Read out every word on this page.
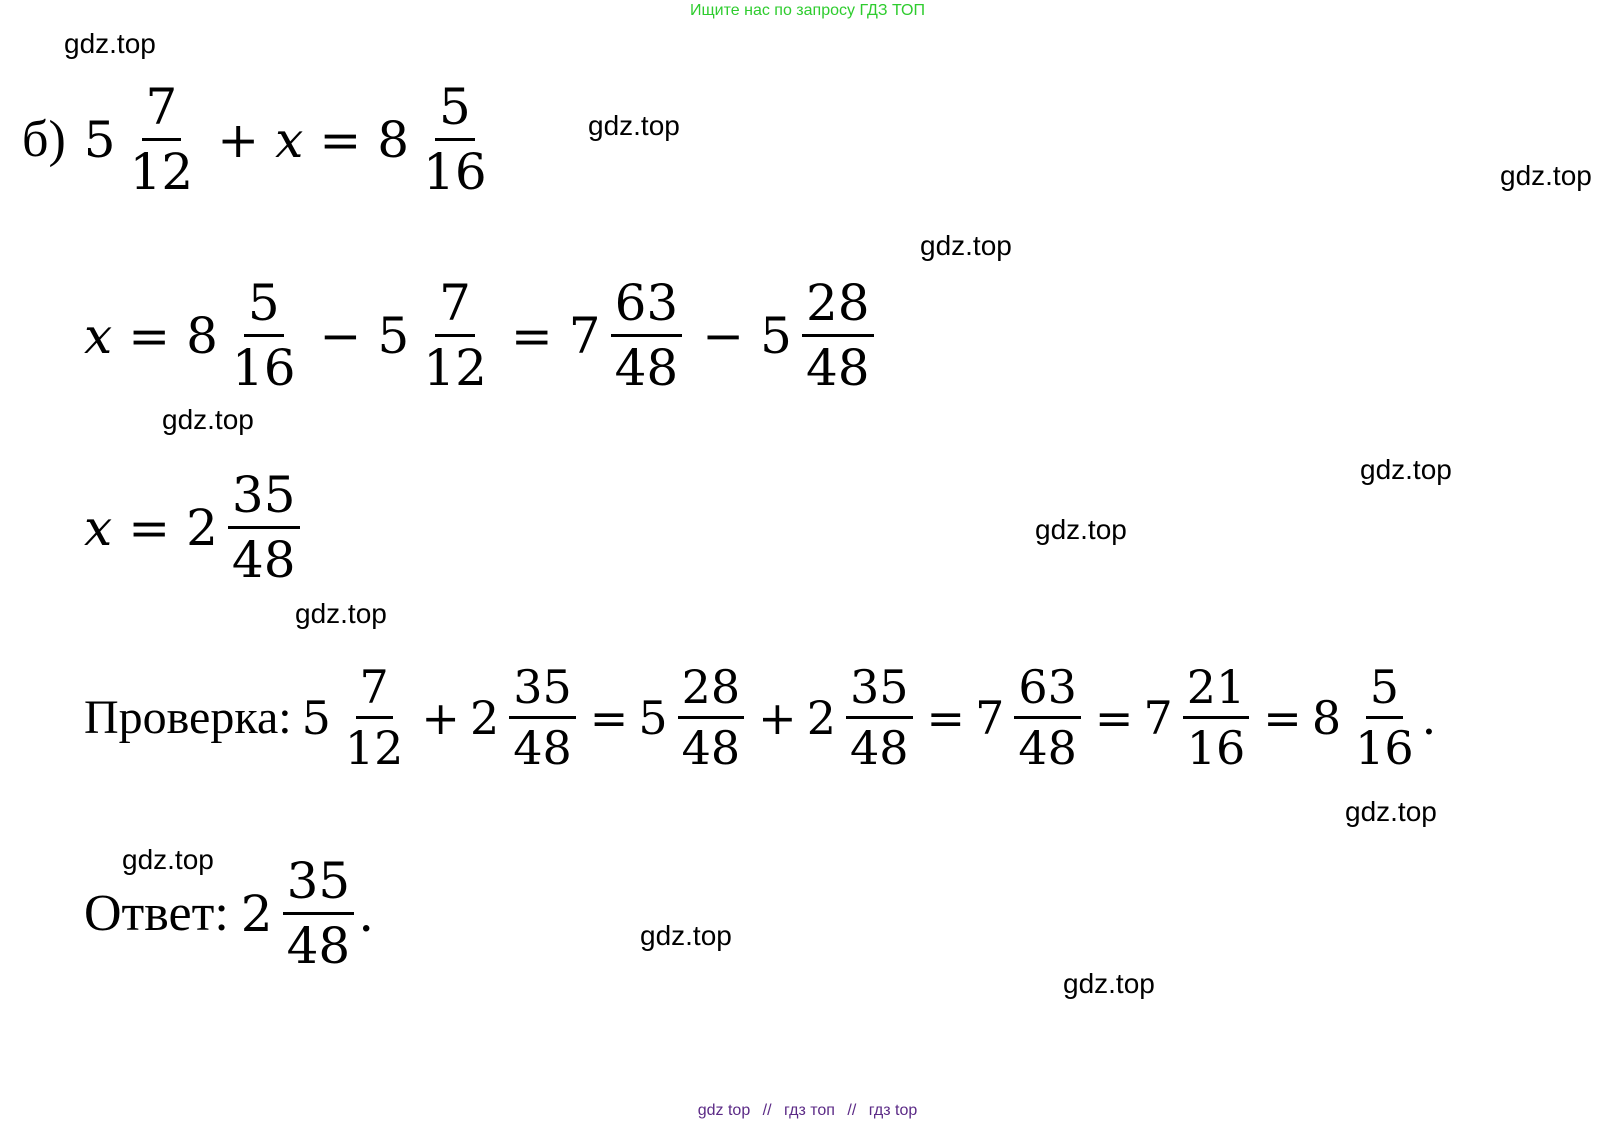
Ищите нас по запросу ГДЗ ТОП
gdz.top
gdz.top
gdz.top
gdz.top
gdz.top
gdz.top
gdz.top
gdz.top
gdz.top
gdz.top
gdz.top
gdz.top
б) $5 \frac{7}{12} + x = 8 \frac{5}{16}$
$x = 8 \frac{5}{16} - 5 \frac{7}{12} = 7 \frac{63}{48} - 5 \frac{28}{48}$
$x = 2 \frac{35}{48}$
Проверка: $5 \frac{7}{12} + 2 \frac{35}{48} = 5 \frac{28}{48} + 2 \frac{35}{48} = 7 \frac{63}{48} = 7 \frac{21}{16} = 8 \frac{5}{16}$ .
Ответ: $2 \frac{35}{48}$ .
gdz top // гдз топ // гдз top
